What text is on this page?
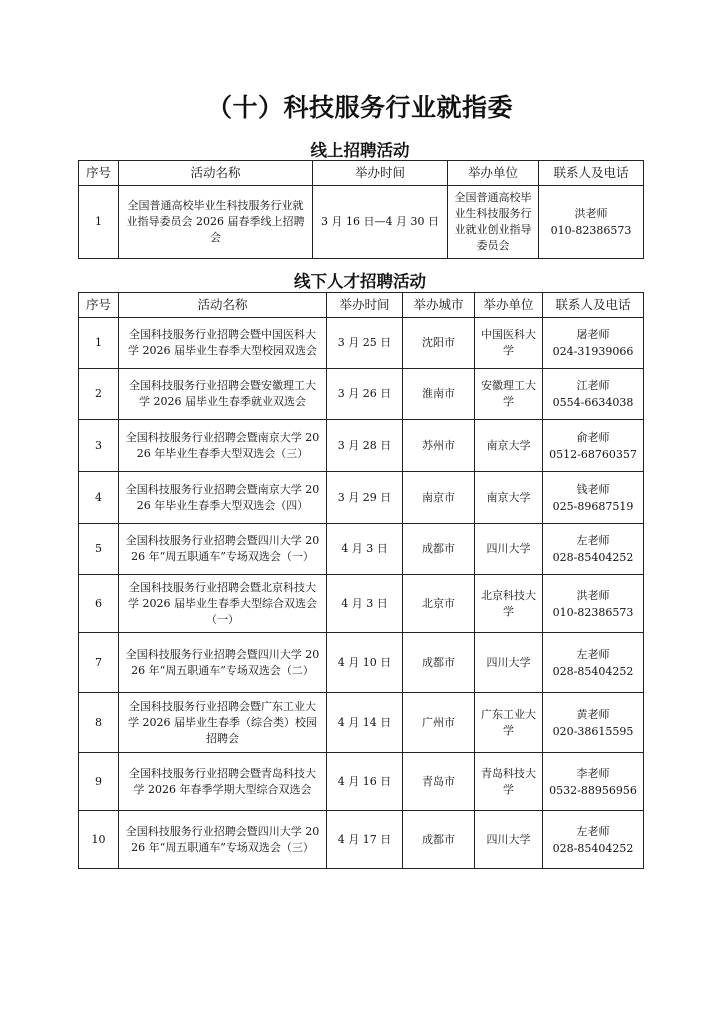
（十）科技服务行业就指委
线上招聘活动
序号	活动名称	举办时间	举办单位	联系人及电话
1	全国普通高校毕业生科技服务行业就业指导委员会 2026 届春季线上招聘会	3 月 16 日—4 月 30 日	全国普通高校毕业生科技服务行业就业创业指导委员会	洪老师
010-82386573
线下人才招聘活动
序号	活动名称	举办时间	举办城市	举办单位	联系人及电话
1	全国科技服务行业招聘会暨中国医科大学 2026 届毕业生春季大型校园双选会	3 月 25 日	沈阳市	中国医科大学	屠老师
024-31939066

2	全国科技服务行业招聘会暨安徽理工大学 2026 届毕业生春季就业双选会	3 月 26 日	淮南市	安徽理工大学	江老师
0554-6634038

3	全国科技服务行业招聘会暨南京大学 2026 年毕业生春季大型双选会（三）	3 月 28 日	苏州市	南京大学	俞老师
0512-68760357

4	全国科技服务行业招聘会暨南京大学 2026 年毕业生春季大型双选会（四）	3 月 29 日	南京市	南京大学	钱老师
025-89687519

5	全国科技服务行业招聘会暨四川大学 2026 年“周五职通车”专场双选会（一）	4 月 3 日	成都市	四川大学	左老师
028-85404252

6	全国科技服务行业招聘会暨北京科技大学 2026 届毕业生春季大型综合双选会（一）	4 月 3 日	北京市	北京科技大学	洪老师
010-82386573

7	全国科技服务行业招聘会暨四川大学 2026 年“周五职通车”专场双选会（二）	4 月 10 日	成都市	四川大学	左老师
028-85404252

8	全国科技服务行业招聘会暨广东工业大学 2026 届毕业生春季（综合类）校园招聘会	4 月 14 日	广州市	广东工业大学	黄老师
020-38615595

9	全国科技服务行业招聘会暨青岛科技大学 2026 年春季学期大型综合双选会	4 月 16 日	青岛市	青岛科技大学	李老师
0532-88956956

10	全国科技服务行业招聘会暨四川大学 2026 年“周五职通车”专场双选会（三）	4 月 17 日	成都市	四川大学	左老师
028-85404252
